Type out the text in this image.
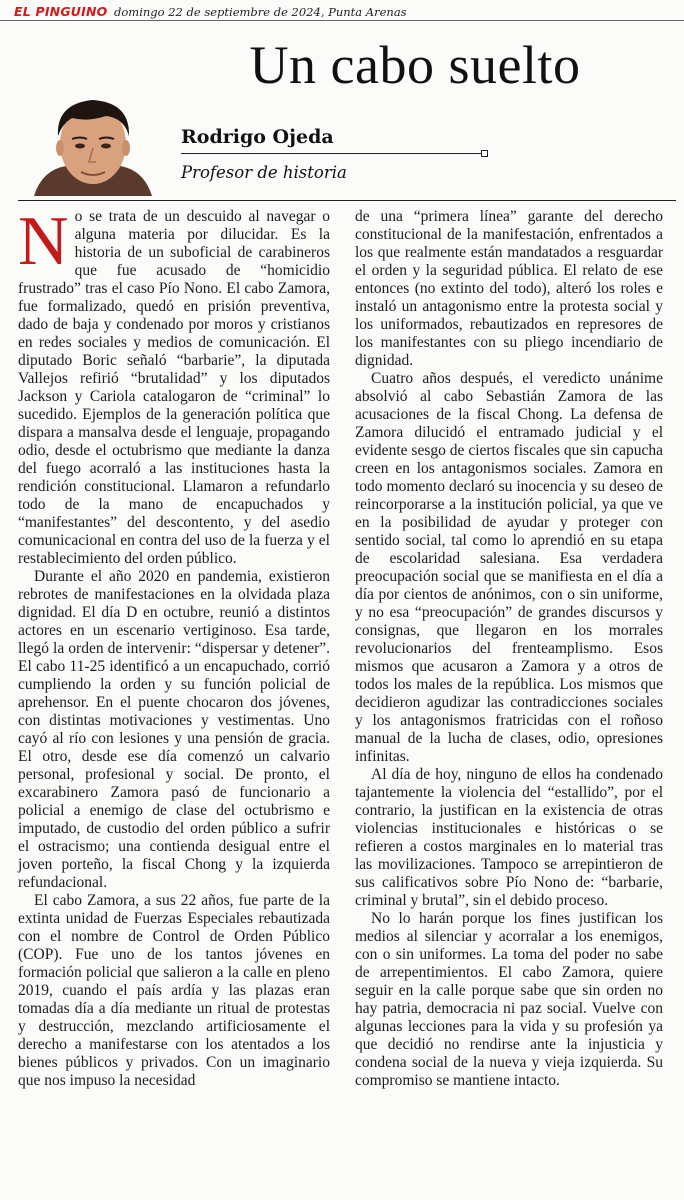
EL PINGUINO domingo 22 de septiembre de 2024, Punta Arenas
Un cabo suelto
Rodrigo Ojeda
Profesor de historia

No se trata de un descuido al navegar o alguna materia por dilucidar. Es la historia de un suboficial de carabineros que fue acusado de “homicidio frustrado” tras el caso Pío Nono. El cabo Zamora, fue formalizado, quedó en prisión preventiva, dado de baja y condenado por moros y cristianos en redes sociales y medios de comunicación. El diputado Boric señaló “barbarie”, la diputada Vallejos refirió “brutalidad” y los diputados Jackson y Cariola catalogaron de “criminal” lo sucedido. Ejemplos de la generación política que dispara a mansalva desde el lenguaje, propagando odio, desde el octubrismo que mediante la danza del fuego acorraló a las instituciones hasta la rendición constitucional. Llamaron a refundarlo todo de la mano de encapuchados y “manifestantes” del descontento, y del asedio comunicacional en contra del uso de la fuerza y el restablecimiento del orden público.

Durante el año 2020 en pandemia, existieron rebrotes de manifestaciones en la olvidada plaza dignidad. El día D en octubre, reunió a distintos actores en un escenario vertiginoso. Esa tarde, llegó la orden de intervenir: “dispersar y detener”. El cabo 11-25 identificó a un encapuchado, corrió cumpliendo la orden y su función policial de aprehensor. En el puente chocaron dos jóvenes, con distintas motivaciones y vestimentas. Uno cayó al río con lesiones y una pensión de gracia. El otro, desde ese día comenzó un calvario personal, profesional y social. De pronto, el excarabinero Zamora pasó de funcionario a policial a enemigo de clase del octubrismo e imputado, de custodio del orden público a sufrir el ostracismo; una contienda desigual entre el joven porteño, la fiscal Chong y la izquierda refundacional.

El cabo Zamora, a sus 22 años, fue parte de la extinta unidad de Fuerzas Especiales rebautizada con el nombre de Control de Orden Público (COP). Fue uno de los tantos jóvenes en formación policial que salieron a la calle en pleno 2019, cuando el país ardía y las plazas eran tomadas día a día mediante un ritual de protestas y destrucción, mezclando artificiosamente el derecho a manifestarse con los atentados a los bienes públicos y privados. Con un imaginario que nos impuso la necesidad

de una “primera línea” garante del derecho constitucional de la manifestación, enfrentados a los que realmente están mandatados a resguardar el orden y la seguridad pública. El relato de ese entonces (no extinto del todo), alteró los roles e instaló un antagonismo entre la protesta social y los uniformados, rebautizados en represores de los manifestantes con su pliego incendiario de dignidad.

Cuatro años después, el veredicto unánime absolvió al cabo Sebastián Zamora de las acusaciones de la fiscal Chong. La defensa de Zamora dilucidó el entramado judicial y el evidente sesgo de ciertos fiscales que sin capucha creen en los antagonismos sociales. Zamora en todo momento declaró su inocencia y su deseo de reincorporarse a la institución policial, ya que ve en la posibilidad de ayudar y proteger con sentido social, tal como lo aprendió en su etapa de escolaridad salesiana. Esa verdadera preocupación social que se manifiesta en el día a día por cientos de anónimos, con o sin uniforme, y no esa “preocupación” de grandes discursos y consignas, que llegaron en los morrales revolucionarios del frenteamplismo. Esos mismos que acusaron a Zamora y a otros de todos los males de la república. Los mismos que decidieron agudizar las contradicciones sociales y los antagonismos fratricidas con el roñoso manual de la lucha de clases, odio, opresiones infinitas.

Al día de hoy, ninguno de ellos ha condenado tajantemente la violencia del “estallido”, por el contrario, la justifican en la existencia de otras violencias institucionales e históricas o se refieren a costos marginales en lo material tras las movilizaciones. Tampoco se arrepintieron de sus calificativos sobre Pío Nono de: “barbarie, criminal y brutal”, sin el debido proceso.

No lo harán porque los fines justifican los medios al silenciar y acorralar a los enemigos, con o sin uniformes. La toma del poder no sabe de arrepentimientos. El cabo Zamora, quiere seguir en la calle porque sabe que sin orden no hay patria, democracia ni paz social. Vuelve con algunas lecciones para la vida y su profesión ya que decidió no rendirse ante la injusticia y condena social de la nueva y vieja izquierda. Su compromiso se mantiene intacto.
